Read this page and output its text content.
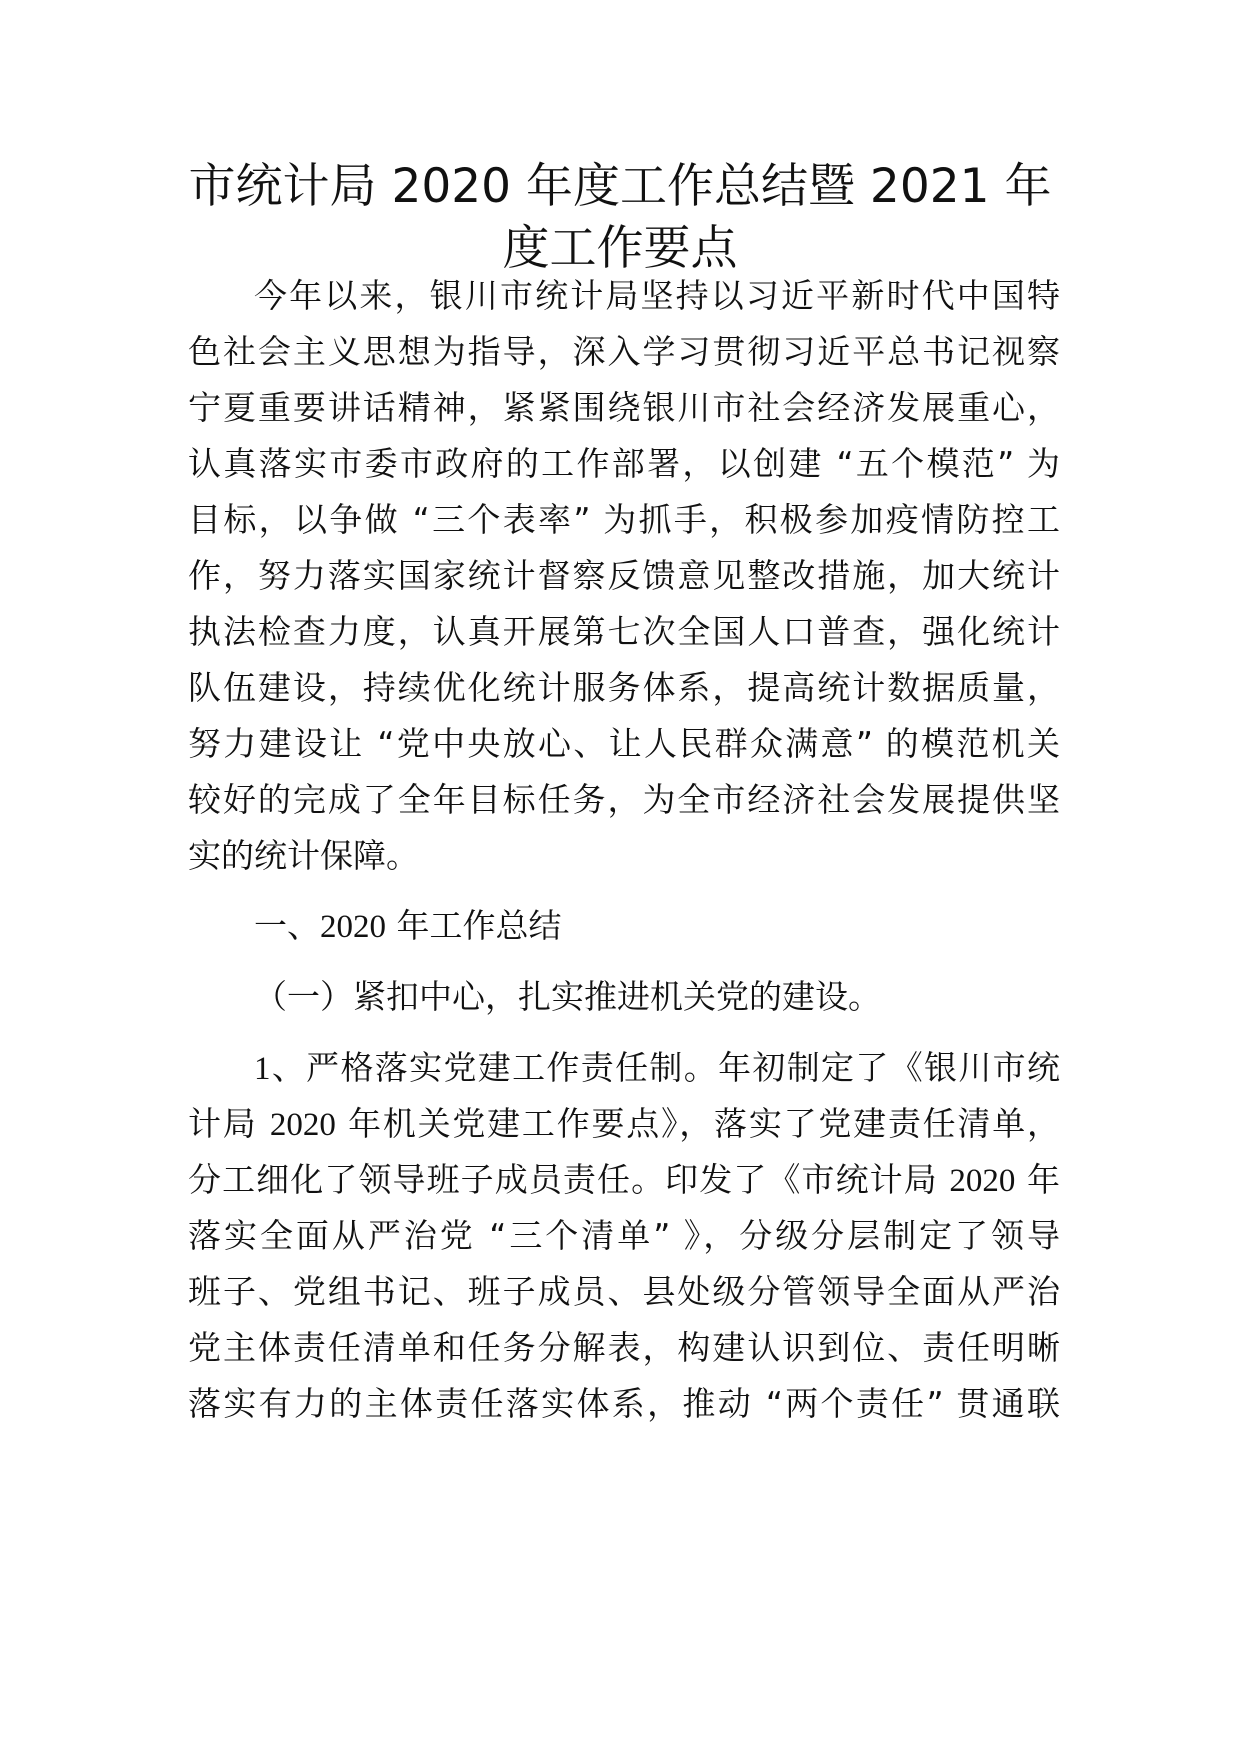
市统计局 2020 年度工作总结暨 2021 年
度工作要点
今年以来，银川市统计局坚持以习近平新时代中国特
色社会主义思想为指导，深入学习贯彻习近平总书记视察
宁夏重要讲话精神，紧紧围绕银川市社会经济发展重心，
认真落实市委市政府的工作部署，以创建 “五个模范” 为
目标，以争做 “三个表率” 为抓手，积极参加疫情防控工
作，努力落实国家统计督察反馈意见整改措施，加大统计
执法检查力度，认真开展第七次全国人口普查，强化统计
队伍建设，持续优化统计服务体系，提高统计数据质量，
努力建设让 “党中央放心、让人民群众满意” 的模范机关
较好的完成了全年目标任务，为全市经济社会发展提供坚
实的统计保障。
一、2020 年工作总结
（一）紧扣中心，扎实推进机关党的建设。
1、严格落实党建工作责任制。年初制定了《银川市统
计局 2020 年机关党建工作要点》，落实了党建责任清单，
分工细化了领导班子成员责任。印发了《市统计局 2020 年
落实全面从严治党 “三个清单” 》，分级分层制定了领导
班子、党组书记、班子成员、县处级分管领导全面从严治
党主体责任清单和任务分解表，构建认识到位、责任明晰
落实有力的主体责任落实体系，推动 “两个责任” 贯通联
